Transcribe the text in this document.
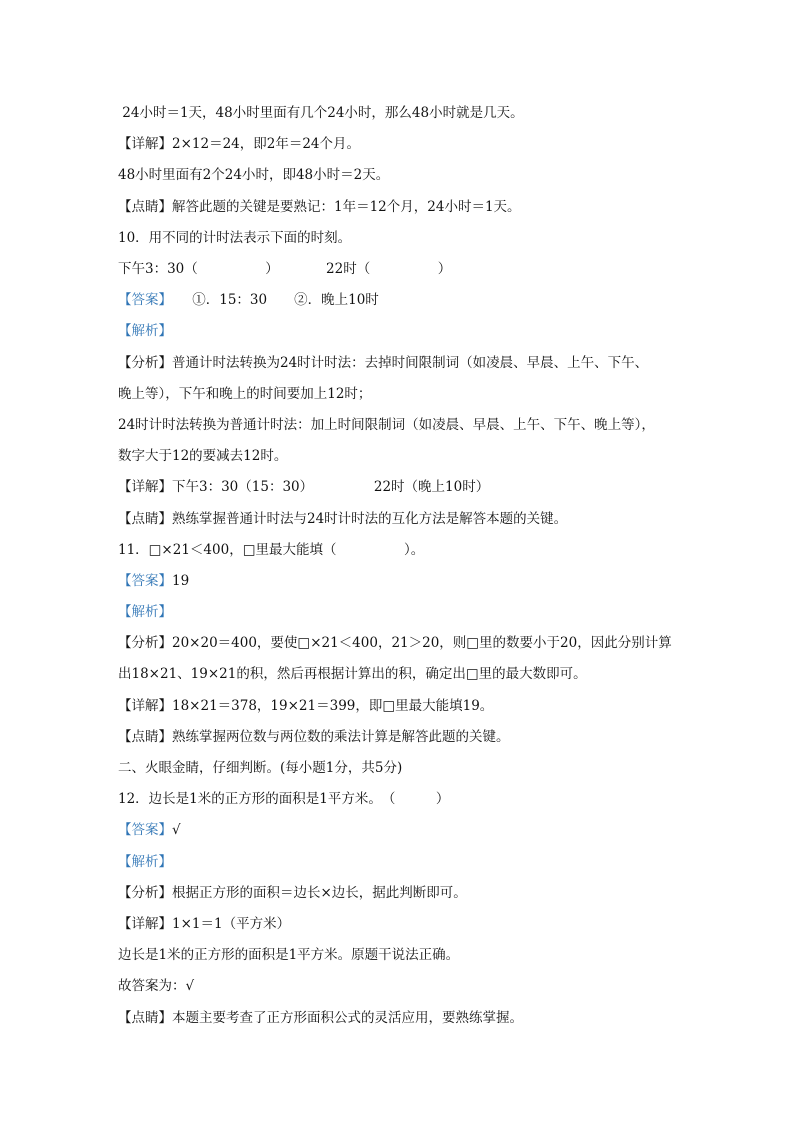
24小时＝1天，48小时里面有几个24小时，那么48小时就是几天。
【详解】2×12＝24，即2年＝24个月。
48小时里面有2个24小时，即48小时＝2天。
【点睛】解答此题的关键是要熟记：1年＝12个月，24小时＝1天。
10．用不同的计时法表示下面的时刻。
下午3：30（　　　　　）　　　　22时（　　　　　）
【答案】　　①．15：30　　②．晚上10时
【解析】
【分析】普通计时法转换为24时计时法：去掉时间限制词（如凌晨、早晨、上午、下午、
晚上等），下午和晚上的时间要加上12时；
24时计时法转换为普通计时法：加上时间限制词（如凌晨、早晨、上午、下午、晚上等），
数字大于12的要减去12时。
【详解】下午3：30（15：30）　　　　　22时（晚上10时）
【点睛】熟练掌握普通计时法与24时计时法的互化方法是解答本题的关键。
11．□×21＜400，□里最大能填（　　　　　）。
【答案】19
【解析】
【分析】20×20＝400，要使□×21＜400，21＞20，则□里的数要小于20，因此分别计算
出18×21、19×21的积，然后再根据计算出的积，确定出□里的最大数即可。
【详解】18×21＝378，19×21＝399，即□里最大能填19。
【点睛】熟练掌握两位数与两位数的乘法计算是解答此题的关键。
二、火眼金睛，仔细判断。(每小题1分，共5分)
12．边长是1米的正方形的面积是1平方米。　（　　　）
【答案】√
【解析】
【分析】根据正方形的面积＝边长×边长，据此判断即可。
【详解】1×1＝1（平方米）
边长是1米的正方形的面积是1平方米。原题干说法正确。
故答案为：√
【点睛】本题主要考查了正方形面积公式的灵活应用，要熟练掌握。
